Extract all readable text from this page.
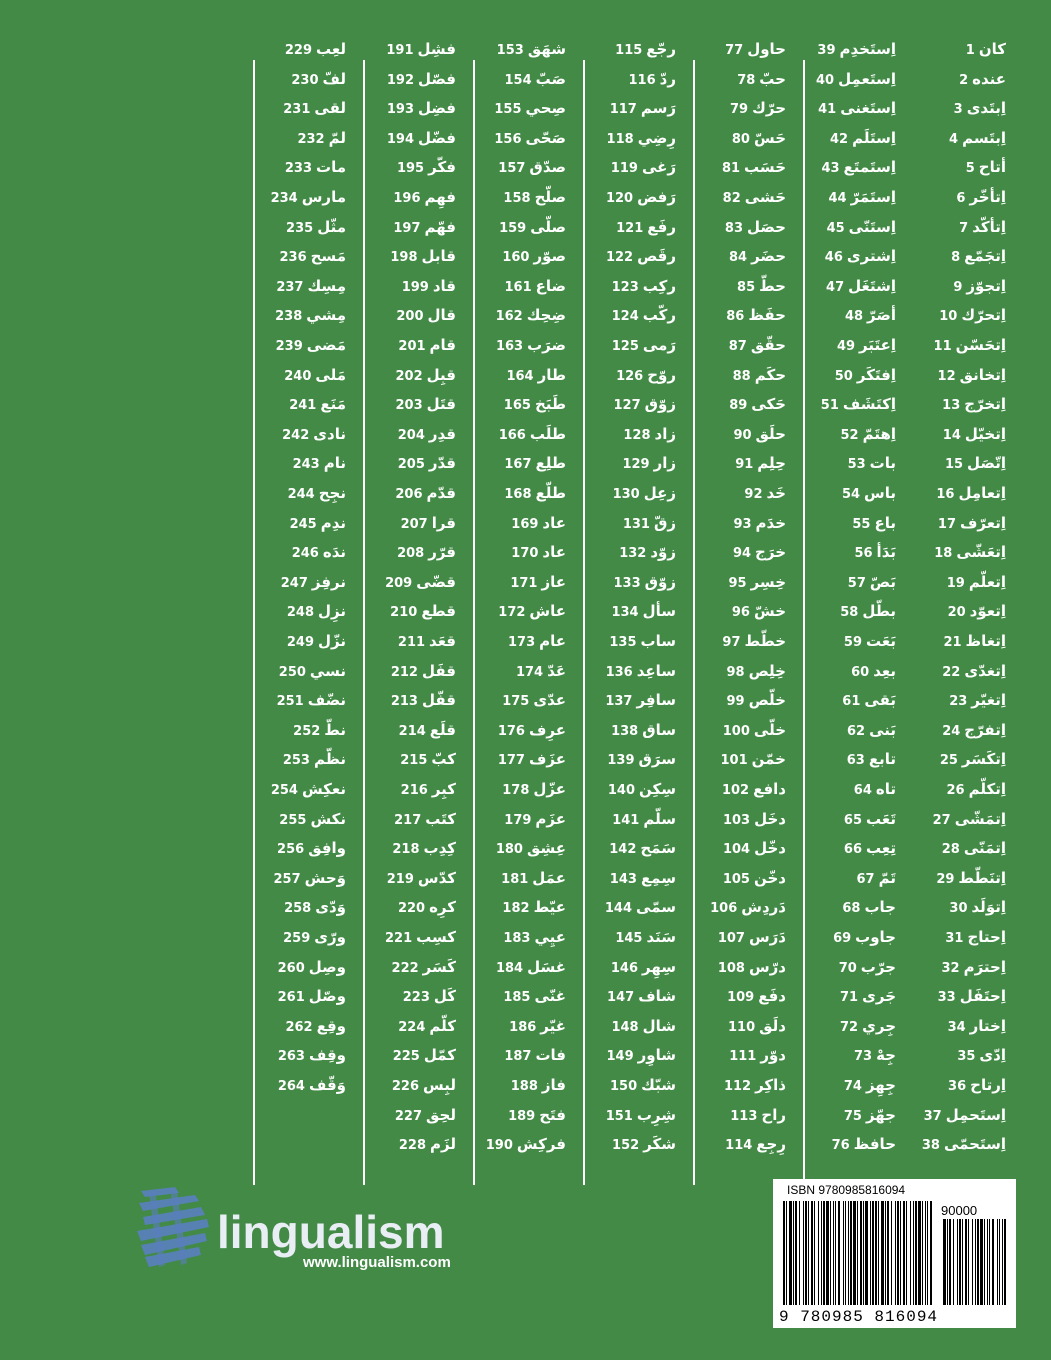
229 لعِب
230 لفّ
231 لقى
232 لمّ
233 مات
234 مارس
235 مثّل
236 مَسح
237 مِسِك
238 مِشي
239 مَضى
240 مَلى
241 مَنَع
242 نادى
243 نام
244 نجِح
245 ندِم
246 ندَه
247 نرفِز
248 نزِل
249 نزّل
250 نسي
251 نضّف
252 نطّ
253 نظّم
254 نعكِش
255 نكش
256 وافِق
257 وَحش
258 وَدّى
259 ورّى
260 وصِل
261 وصّل
262 وقِع
263 وقِف
264 وَقّف
191 فشِل
192 فصّل
193 فضِل
194 فضّل
195 فكّر
196 فهِم
197 فهّم
198 قابل
199 قاد
200 قال
201 قام
202 قبِل
203 قتَل
204 قدِر
205 قدّر
206 قدّم
207 قرا
208 قرّر
209 قضّى
210 قطع
211 قعَد
212 قفَل
213 قفّل
214 قلَع
215 كبّ
216 كبِر
217 كتَب
218 كِدِب
219 كدّس
220 كرِه
221 كسِب
222 كَسَر
223 كَل
224 كلّم
225 كمّل
226 لبِس
227 لحِق
228 لزَم
153 شهَق
154 صَبّ
155 صِحي
156 صَحّى
157 صدّق
158 صلّح
159 صلّى
160 صوّر
161 ضاع
162 ضِحِك
163 ضرَب
164 طار
165 طَبَخ
166 طلَب
167 طلِع
168 طلّع
169 عاد
170 عاد
171 عاز
172 عاش
173 عام
174 عَدّ
175 عدّى
176 عرِف
177 عزَف
178 عزّل
179 عزَم
180 عِشِق
181 عمَل
182 عيّط
183 عيِي
184 غسَل
185 غنّى
186 غيّر
187 فات
188 فاز
189 فتَح
190 فركِش
115 رجّع
116 ردّ
117 رَسم
118 رِضِي
119 رَغى
120 رَفض
121 رفَع
122 رقَص
123 ركِب
124 ركّب
125 رَمى
126 روّح
127 زوّق
128 زاد
129 زار
130 زعِل
131 زقّ
132 زوّد
133 زوّق
134 سأل
135 ساب
136 ساعِد
137 سافِر
138 ساق
139 سرَق
140 سِكِن
141 سلّم
142 سَمَح
143 سِمِع
144 سمّى
145 سَنَد
146 سِهِر
147 شاف
148 شال
149 شاوِر
150 شبّك
151 شِرِب
152 شكَر
77 حاول
78 حبّ
79 حرّك
80 حَسّ
81 حَسَب
82 حَشى
83 حصَل
84 حضَر
85 حطّ
86 حفَظ
87 حقّق
88 حكَم
89 حَكى
90 حلَق
91 حِلِم
92 خَد
93 خدَم
94 خرَج
95 خِسِر
96 خشّ
97 خطّط
98 خِلِص
99 خلّص
100 خلّى
101 خمّن
102 دافع
103 دخَل
104 دخّل
105 دخّن
106 دَردِش
107 دَرَس
108 درّس
109 دفَع
110 دلَق
111 دوّر
112 ذاكِر
113 راح
114 رِجِع
39 اِستَخدِم
40 اِستَعمِل
41 اِستَغنى
42 اِستَلَم
43 اِستَمتَع
44 اِستَمَرّ
45 اِستَنّى
46 اِشترى
47 اِشتَغَل
48 أصَرّ
49 اِعتَبَر
50 اِفتَكَر
51 اِكتَشَف
52 اِهتَمّ
53 بات
54 باس
55 باع
56 بَدَأ
57 بَصّ
58 بطّل
59 بَعَت
60 بعِد
61 بَقى
62 بَنى
63 تابع
64 تاه
65 تَعَب
66 تِعِب
67 تَمّ
68 جاب
69 جاوب
70 جرّب
71 جَرى
72 جِري
73 جِهْ
74 جِهِز
75 جهّز
76 حافظ
1 كان
2 عنده
3 اِبتَدى
4 اِبتَسم
5 أتاح
6 اِتأخّر
7 اِتأكّد
8 اِتجَمّع
9 اِتجوّز
10 اِتحرّك
11 اِتحَسّن
12 اِتخانق
13 اِتخرّج
14 اِتخيّل
15 اِتّصَل
16 اِتعامِل
17 اِتعرّف
18 اِتعَشّى
19 اِتعلّم
20 اِتعوّد
21 اِتغاظ
22 اِتغدّى
23 اِتغيّر
24 اِتفرّج
25 اِتكَسَر
26 اِتكلّم
27 اِتمَشّى
28 اِتمَنّى
29 اِتنَطّط
30 اِتوَلَد
31 اِحتاج
32 اِحترَم
33 اِحتَفَل
34 اِختار
35 اِدّى
36 اِرتاح
37 اِستَحمِل
38 اِستَحمّى
lingualism
www.lingualism.com
ISBN 9780985816094
90000
9 780985 816094
